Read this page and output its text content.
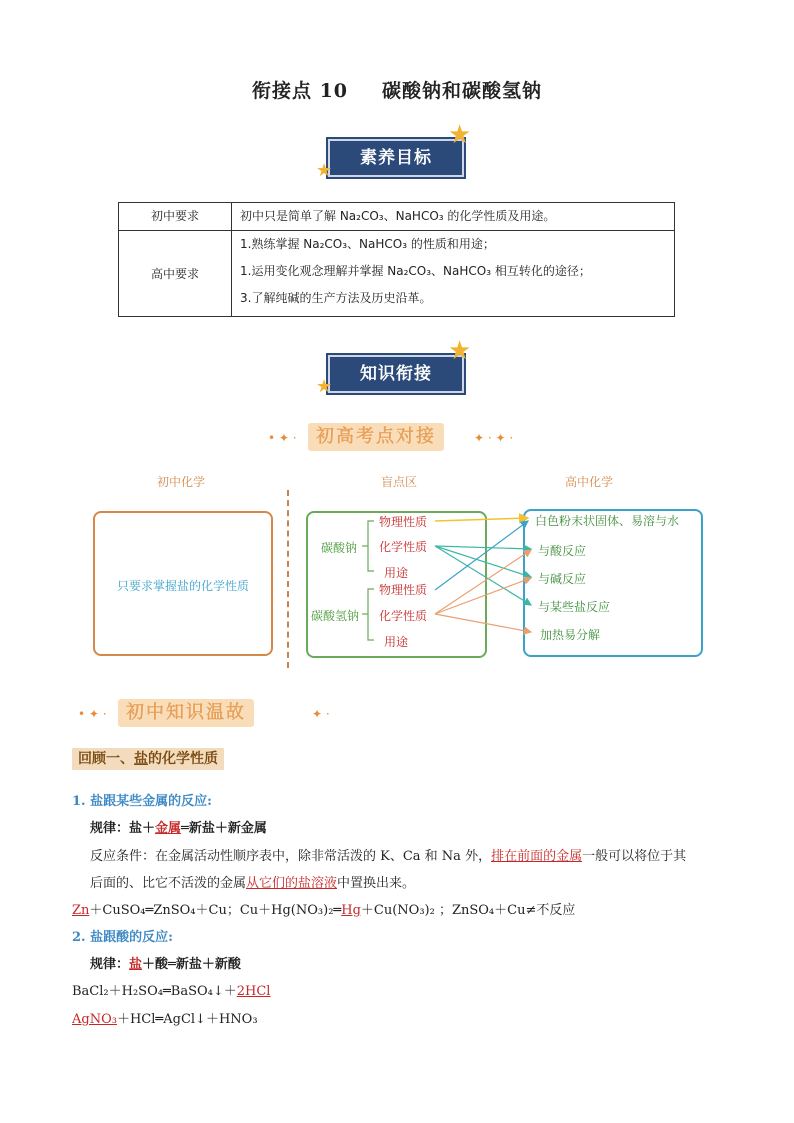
衔接点 10 碳酸钠和碳酸氢钠
素养目标
★
★
初中要求	初中只是简单了解 Na₂CO₃、NaHCO₃ 的化学性质及用途。
高中要求	1.熟练掌握 Na₂CO₃、NaHCO₃ 的性质和用途；
1.运用变化观念理解并掌握 Na₂CO₃、NaHCO₃ 相互转化的途径；
3.了解纯碱的生产方法及历史沿革。
知识衔接
★
★
• ✦ ·	初高考点对接	✦ · ✦ ·
初中化学	盲点区	高中化学
只要求掌握盐的化学性质
碳酸钠
碳酸氢钠
物理性质
化学性质
用途
物理性质
化学性质
用途
白色粉末状固体、易溶与水
与酸反应
与碱反应
与某些盐反应
加热易分解
• ✦ ·	初中知识温故	✦ ·
回顾一、盐的化学性质
1. 盐跟某些金属的反应:
规律：盐＋金属═新盐＋新金属
反应条件：在金属活动性顺序表中，除非常活泼的 K、Ca 和 Na 外，排在前面的金属一般可以将位于其
后面的、比它不活泼的金属从它们的盐溶液中置换出来。
Zn＋CuSO₄═ZnSO₄＋Cu；Cu＋Hg(NO₃)₂═Hg＋Cu(NO₃)₂ ；ZnSO₄＋Cu≠不反应
2. 盐跟酸的反应:
规律：盐＋酸═新盐＋新酸
BaCl₂＋H₂SO₄═BaSO₄↓＋2HCl
AgNO₃＋HCl═AgCl↓＋HNO₃
